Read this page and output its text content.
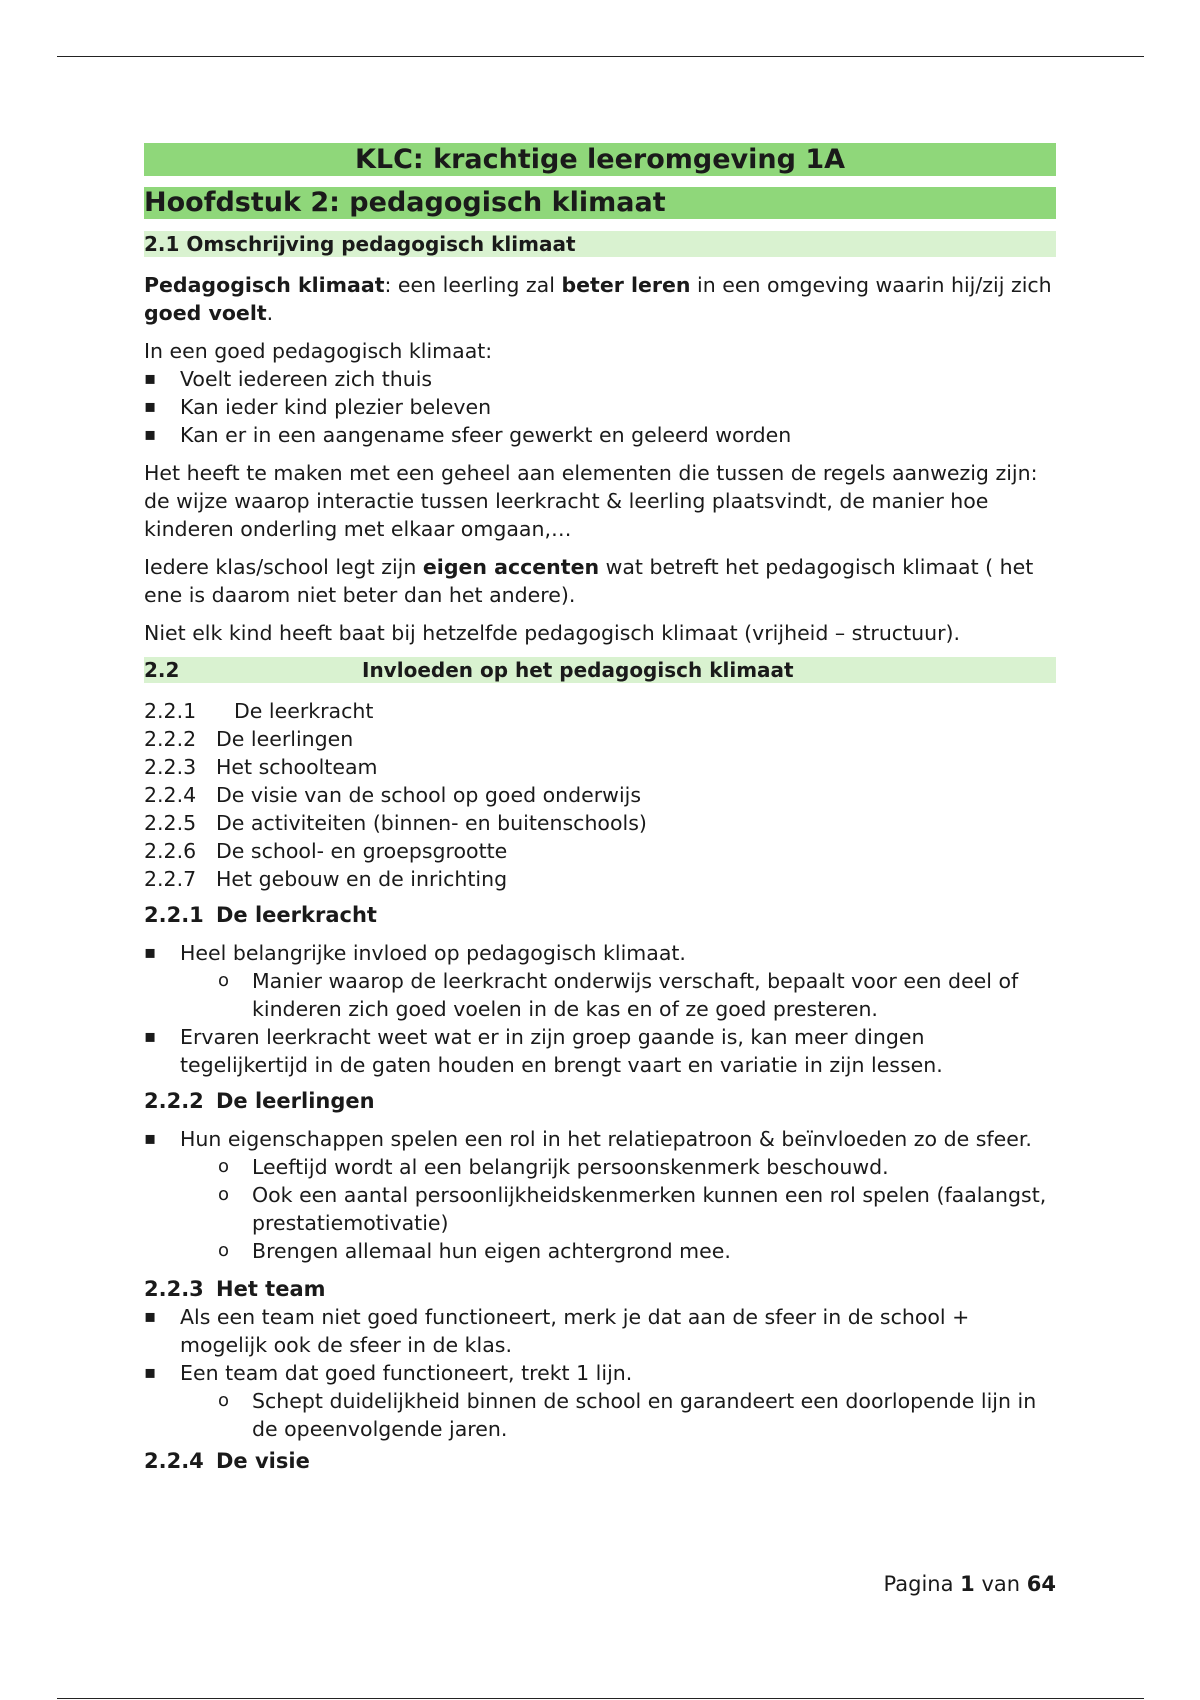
KLC: krachtige leeromgeving 1A
Hoofdstuk 2: pedagogisch klimaat
2.1 Omschrijving pedagogisch klimaat

Pedagogisch klimaat: een leerling zal beter leren in een omgeving waarin hij/zij zich goed voelt.

In een goed pedagogisch klimaat:

▪ Voelt iedereen zich thuis
▪ Kan ieder kind plezier beleven
▪ Kan er in een aangename sfeer gewerkt en geleerd worden

Het heeft te maken met een geheel aan elementen die tussen de regels aanwezig zijn: de wijze waarop interactie tussen leerkracht & leerling plaatsvindt, de manier hoe kinderen onderling met elkaar omgaan,…

Iedere klas/school legt zijn eigen accenten wat betreft het pedagogisch klimaat ( het ene is daarom niet beter dan het andere).

Niet elk kind heeft baat bij hetzelfde pedagogisch klimaat (vrijheid – structuur).

2.2	Invloeden op het pedagogisch klimaat
2.2.1	De leerkracht
2.2.2 De leerlingen
2.2.3 Het schoolteam
2.2.4 De visie van de school op goed onderwijs
2.2.5 De activiteiten (binnen- en buitenschools)
2.2.6 De school- en groepsgrootte
2.2.7 Het gebouw en de inrichting
2.2.1 De leerkracht
▪ Heel belangrijke invloed op pedagogisch klimaat.
o Manier waarop de leerkracht onderwijs verschaft, bepaalt voor een deel of kinderen zich goed voelen in de kas en of ze goed presteren.
▪ Ervaren leerkracht weet wat er in zijn groep gaande is, kan meer dingen tegelijkertijd in de gaten houden en brengt vaart en variatie in zijn lessen.
2.2.2 De leerlingen
▪ Hun eigenschappen spelen een rol in het relatiepatroon & beïnvloeden zo de sfeer.
o Leeftijd wordt al een belangrijk persoonskenmerk beschouwd.
o Ook een aantal persoonlijkheidskenmerken kunnen een rol spelen (faalangst, prestatiemotivatie)
o Brengen allemaal hun eigen achtergrond mee.
2.2.3 Het team
▪ Als een team niet goed functioneert, merk je dat aan de sfeer in de school + mogelijk ook de sfeer in de klas.
▪ Een team dat goed functioneert, trekt 1 lijn.
o Schept duidelijkheid binnen de school en garandeert een doorlopende lijn in de opeenvolgende jaren.
2.2.4 De visie
Pagina 1 van 64
